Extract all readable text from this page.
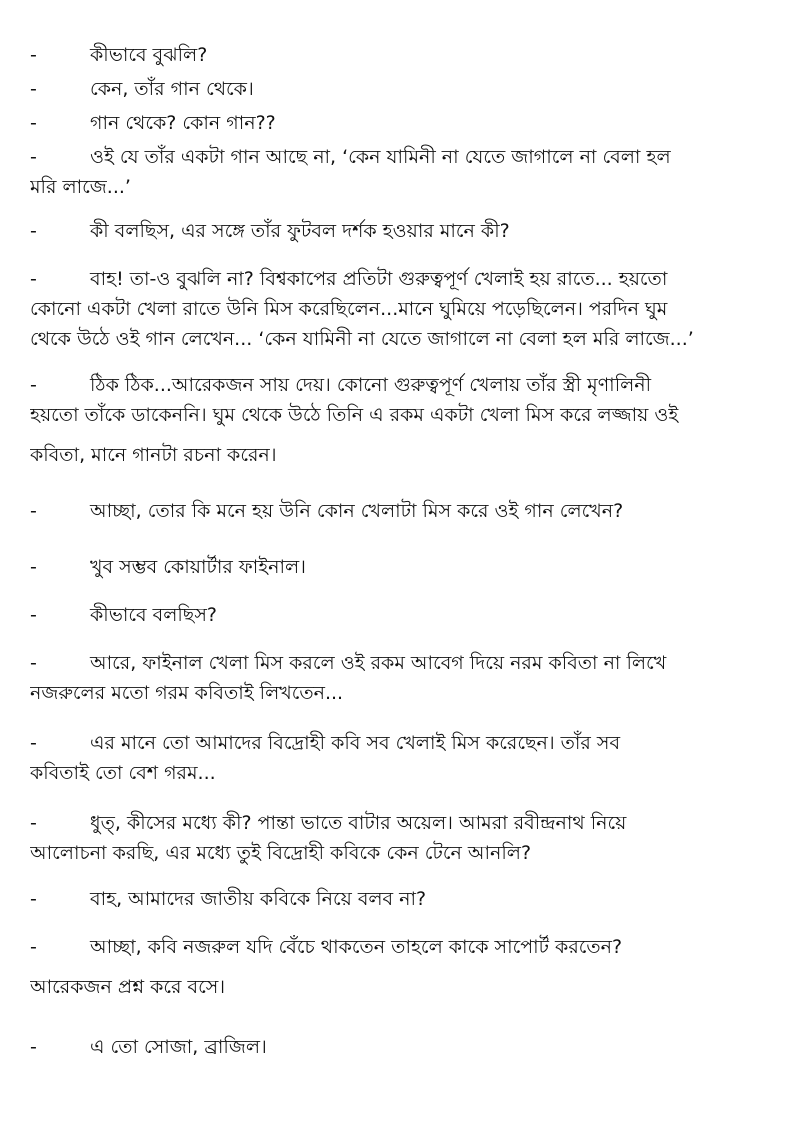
-	কীভাবে বুঝলি?
-	কেন, তাঁর গান থেকে।
-	গান থেকে? কোন গান??
-	ওই যে তাঁর একটা গান আছে না, ‘কেন যামিনী না যেতে জাগালে না বেলা হল
মরি লাজে...’
-	কী বলছিস, এর সঙ্গে তাঁর ফুটবল দর্শক হওয়ার মানে কী?
-	বাহ! তা-ও বুঝলি না? বিশ্বকাপের প্রতিটা গুরুত্বপূর্ণ খেলাই হয় রাতে... হয়তো
কোনো একটা খেলা রাতে উনি মিস করেছিলেন...মানে ঘুমিয়ে পড়েছিলেন। পরদিন ঘুম
থেকে উঠে ওই গান লেখেন... ‘কেন যামিনী না যেতে জাগালে না বেলা হল মরি লাজে...’
-	ঠিক ঠিক...আরেকজন সায় দেয়। কোনো গুরুত্বপূর্ণ খেলায় তাঁর স্ত্রী মৃণালিনী
হয়তো তাঁকে ডাকেননি। ঘুম থেকে উঠে তিনি এ রকম একটা খেলা মিস করে লজ্জায় ওই
কবিতা, মানে গানটা রচনা করেন।
-	আচ্ছা, তোর কি মনে হয় উনি কোন খেলাটা মিস করে ওই গান লেখেন?
-	খুব সম্ভব কোয়ার্টার ফাইনাল।
-	কীভাবে বলছিস?
-	আরে, ফাইনাল খেলা মিস করলে ওই রকম আবেগ দিয়ে নরম কবিতা না লিখে
নজরুলের মতো গরম কবিতাই লিখতেন...
-	এর মানে তো আমাদের বিদ্রোহী কবি সব খেলাই মিস করেছেন। তাঁর সব
কবিতাই তো বেশ গরম...
-	ধুত্, কীসের মধ্যে কী? পান্তা ভাতে বাটার অয়েল। আমরা রবীন্দ্রনাথ নিয়ে
আলোচনা করছি, এর মধ্যে তুই বিদ্রোহী কবিকে কেন টেনে আনলি?
-	বাহ, আমাদের জাতীয় কবিকে নিয়ে বলব না?
-	আচ্ছা, কবি নজরুল যদি বেঁচে থাকতেন তাহলে কাকে সাপোর্ট করতেন?
আরেকজন প্রশ্ন করে বসে।
-	এ তো সোজা, ব্রাজিল।
